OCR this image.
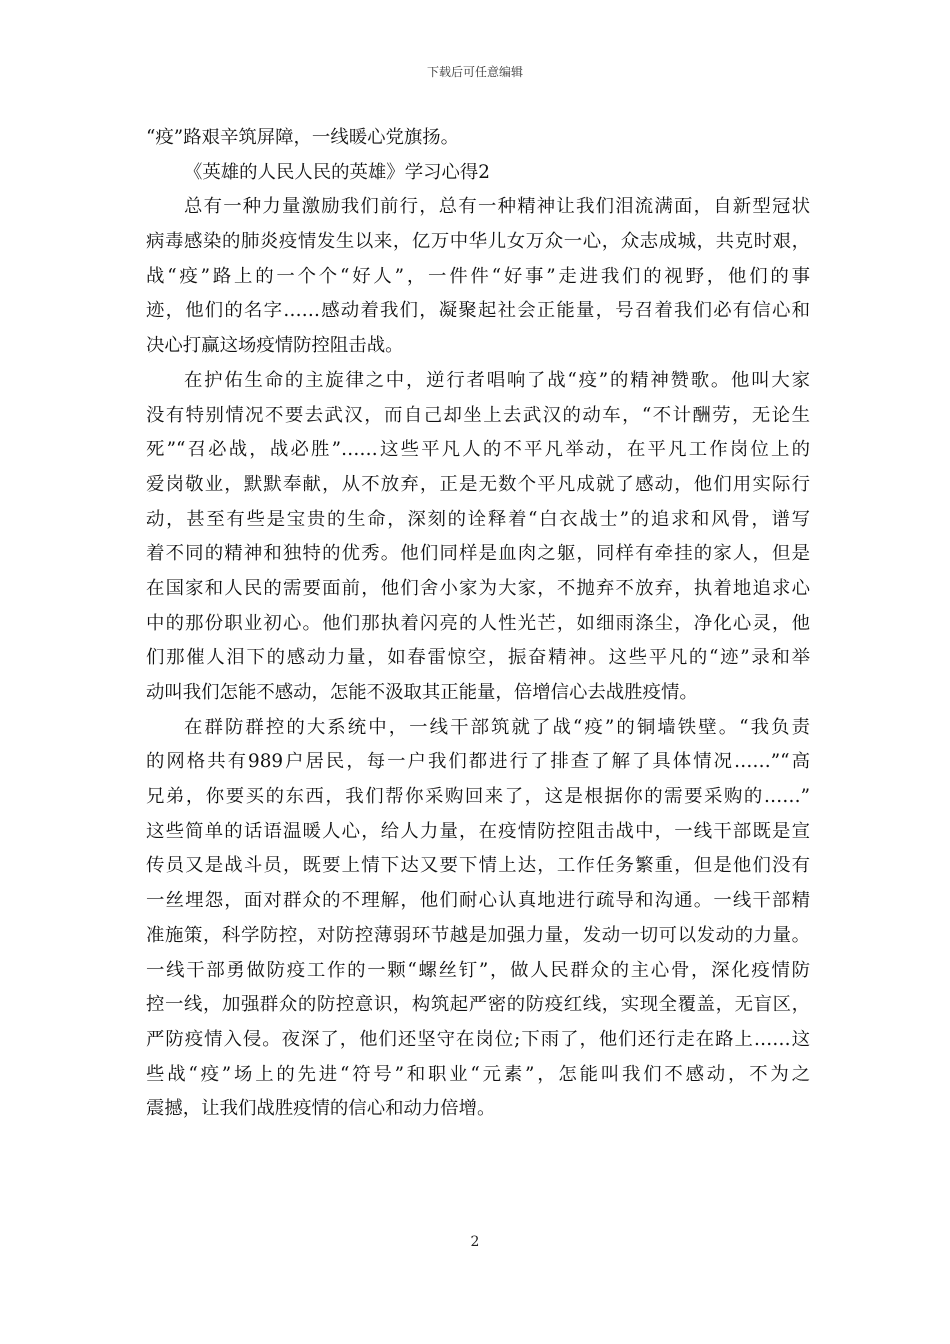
下载后可任意编辑
“疫”路艰辛筑屏障，一线暖心党旗扬。
《英雄的人民人民的英雄》学习心得2
总有一种力量激励我们前行，总有一种精神让我们泪流满面，自新型冠状
病毒感染的肺炎疫情发生以来，亿万中华儿女万众一心，众志成城，共克时艰，
战“疫”路上的一个个“好人”，一件件“好事”走进我们的视野，他们的事
迹，他们的名字……感动着我们，凝聚起社会正能量，号召着我们必有信心和
决心打赢这场疫情防控阻击战。
在护佑生命的主旋律之中，逆行者唱响了战“疫”的精神赞歌。他叫大家
没有特别情况不要去武汉，而自己却坐上去武汉的动车，“不计酬劳，无论生
死”“召必战，战必胜”……这些平凡人的不平凡举动，在平凡工作岗位上的
爱岗敬业，默默奉献，从不放弃，正是无数个平凡成就了感动，他们用实际行
动，甚至有些是宝贵的生命，深刻的诠释着“白衣战士”的追求和风骨，谱写
着不同的精神和独特的优秀。他们同样是血肉之躯，同样有牵挂的家人，但是
在国家和人民的需要面前，他们舍小家为大家，不抛弃不放弃，执着地追求心
中的那份职业初心。他们那执着闪亮的人性光芒，如细雨涤尘，净化心灵，他
们那催人泪下的感动力量，如春雷惊空，振奋精神。这些平凡的“迹”录和举
动叫我们怎能不感动，怎能不汲取其正能量，倍增信心去战胜疫情。
在群防群控的大系统中，一线干部筑就了战“疫”的铜墙铁壁。“我负责
的网格共有989户居民，每一户我们都进行了排查了解了具体情况……”“高
兄弟，你要买的东西，我们帮你采购回来了，这是根据你的需要采购的……”
这些简单的话语温暖人心，给人力量，在疫情防控阻击战中，一线干部既是宣
传员又是战斗员，既要上情下达又要下情上达，工作任务繁重，但是他们没有
一丝埋怨，面对群众的不理解，他们耐心认真地进行疏导和沟通。一线干部精
准施策，科学防控，对防控薄弱环节越是加强力量，发动一切可以发动的力量。
一线干部勇做防疫工作的一颗“螺丝钉”，做人民群众的主心骨，深化疫情防
控一线，加强群众的防控意识，构筑起严密的防疫红线，实现全覆盖，无盲区，
严防疫情入侵。夜深了，他们还坚守在岗位;下雨了，他们还行走在路上……这
些战“疫”场上的先进“符号”和职业“元素”，怎能叫我们不感动，不为之
震撼，让我们战胜疫情的信心和动力倍增。
2
